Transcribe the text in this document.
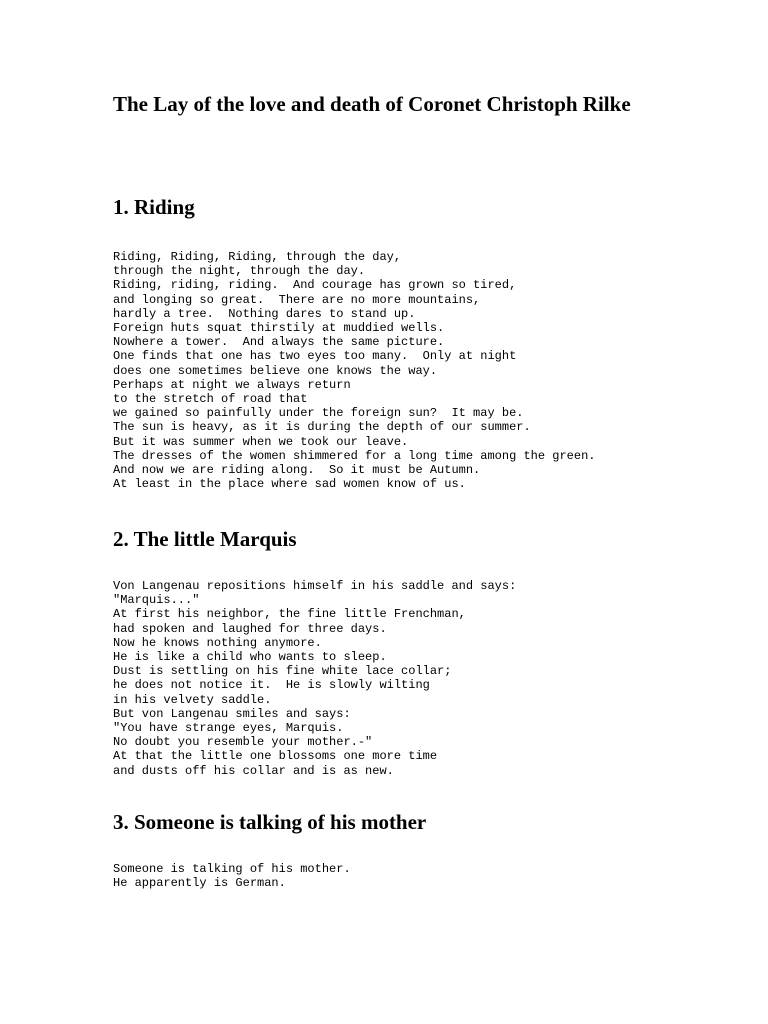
The Lay of the love and death of Coronet Christoph Rilke
1. Riding
Riding, Riding, Riding, through the day,
through the night, through the day.
Riding, riding, riding.  And courage has grown so tired,
and longing so great.  There are no more mountains,
hardly a tree.  Nothing dares to stand up.
Foreign huts squat thirstily at muddied wells.
Nowhere a tower.  And always the same picture.
One finds that one has two eyes too many.  Only at night
does one sometimes believe one knows the way.
Perhaps at night we always return
to the stretch of road that
we gained so painfully under the foreign sun?  It may be.
The sun is heavy, as it is during the depth of our summer.
But it was summer when we took our leave.
The dresses of the women shimmered for a long time among the green.
And now we are riding along.  So it must be Autumn.
At least in the place where sad women know of us.
2. The little Marquis
Von Langenau repositions himself in his saddle and says:
"Marquis..."
At first his neighbor, the fine little Frenchman,
had spoken and laughed for three days.
Now he knows nothing anymore.
He is like a child who wants to sleep.
Dust is settling on his fine white lace collar;
he does not notice it.  He is slowly wilting
in his velvety saddle.
But von Langenau smiles and says:
"You have strange eyes, Marquis.
No doubt you resemble your mother.-"
At that the little one blossoms one more time
and dusts off his collar and is as new.
3. Someone is talking of his mother
Someone is talking of his mother.
He apparently is German.
